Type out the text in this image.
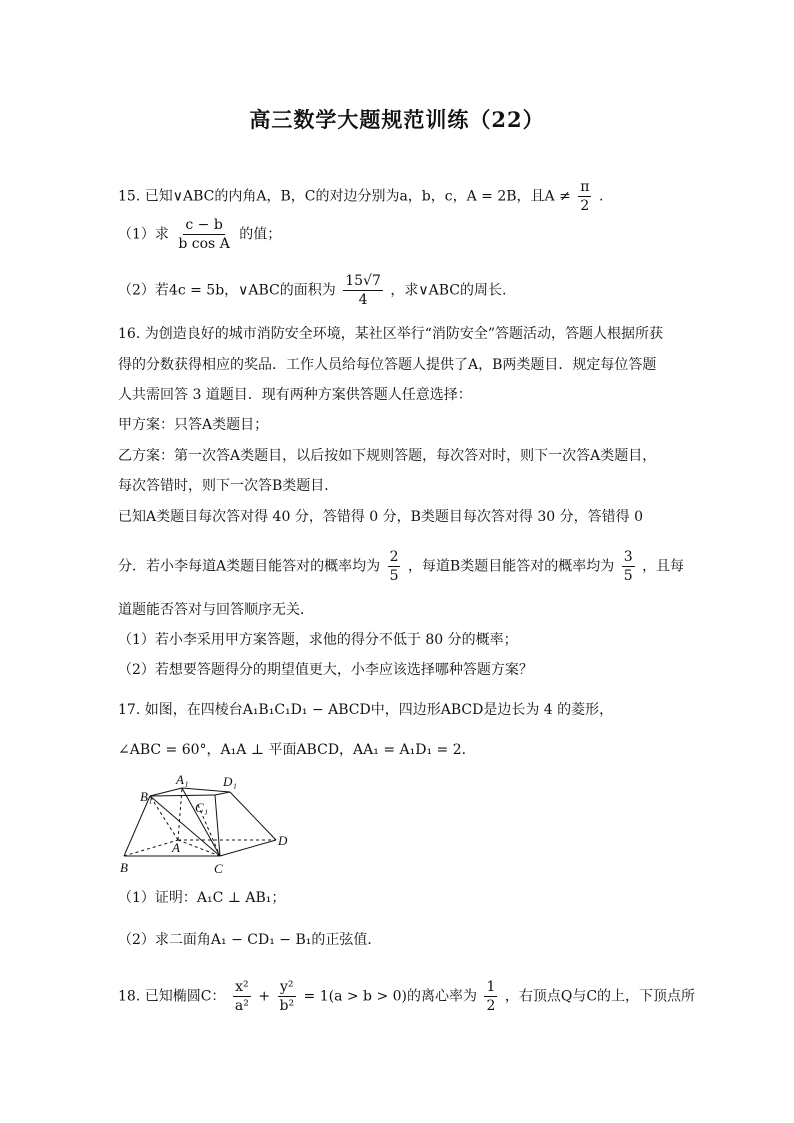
高三数学大题规范训练（22）
15. 已知∨ABC的内角A，B，C的对边分别为a，b，c，A = 2B，且$A \ne \frac{\pi}{2}$ .
（1）求 $\frac{c - b}{\text{b cos A}}$ 的值；
（2）若4c = 5b，∨ABC的面积为 $\frac{15√7}{4}$ ，求∨ABC的周长.
16. 为创造良好的城市消防安全环境，某社区举行“消防安全”答题活动，答题人根据所获
得的分数获得相应的奖品．工作人员给每位答题人提供了A，B两类题目．规定每位答题
人共需回答 3 道题目．现有两种方案供答题人任意选择：
甲方案：只答A类题目；
乙方案：第一次答A类题目，以后按如下规则答题，每次答对时，则下一次答A类题目，
每次答错时，则下一次答B类题目．
已知A类题目每次答对得 40 分，答错得 0 分，B类题目每次答对得 30 分，答错得 0
分．若小李每道A类题目能答对的概率均为 $\frac{2}{5}$ ，每道B类题目能答对的概率均为 $\frac{3}{5}$ ，且每
道题能否答对与回答顺序无关．
（1）若小李采用甲方案答题，求他的得分不低于 80 分的概率；
（2）若想要答题得分的期望值更大，小李应该选择哪种答题方案？
17. 如图，在四棱台A₁B₁C₁D₁ − ABCD中，四边形ABCD是边长为 4 的菱形，
∠ABC = 60°，A₁A ⊥ 平面ABCD，AA₁ = A₁D₁ = 2．
B₁
A₁	D₁
C₁
A
B	C
D
（1）证明：A₁C ⊥ AB₁；
（2）求二面角A₁ − CD₁ − B₁的正弦值．
18. 已知椭圆C： $\frac{\text{x²}}{\text{a²}} + \frac{\text{y²}}{\text{b²}} = 1(a > b > 0)$的离心率为 $\frac{1}{2}$ ，右顶点Q与C的上，下顶点所
